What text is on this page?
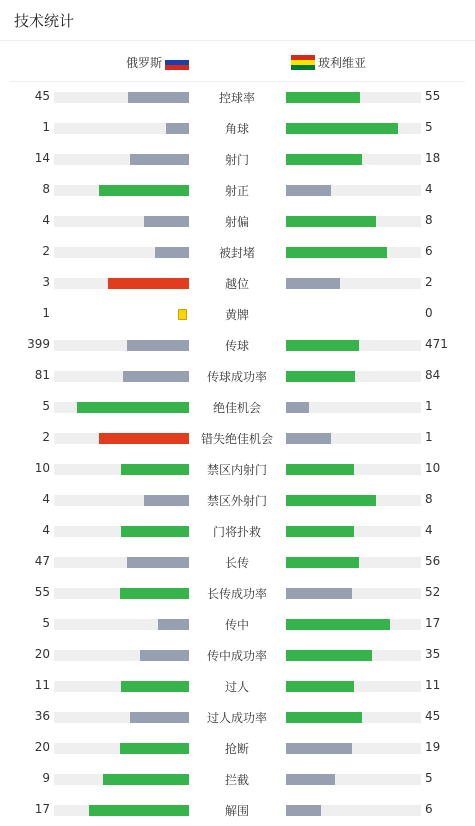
技术统计
俄罗斯	玻利维亚
45	控球率	55
1	角球	5
14	射门	18
8	射正	4
4	射偏	8
2	被封堵	6
3	越位	2
1	黄牌	0
399	传球	471
81	传球成功率	84
5	绝佳机会	1
2	错失绝佳机会	1
10	禁区内射门	10
4	禁区外射门	8
4	门将扑救	4
47	长传	56
55	长传成功率	52
5	传中	17
20	传中成功率	35
11	过人	11
36	过人成功率	45
20	抢断	19
9	拦截	5
17	解围	6
